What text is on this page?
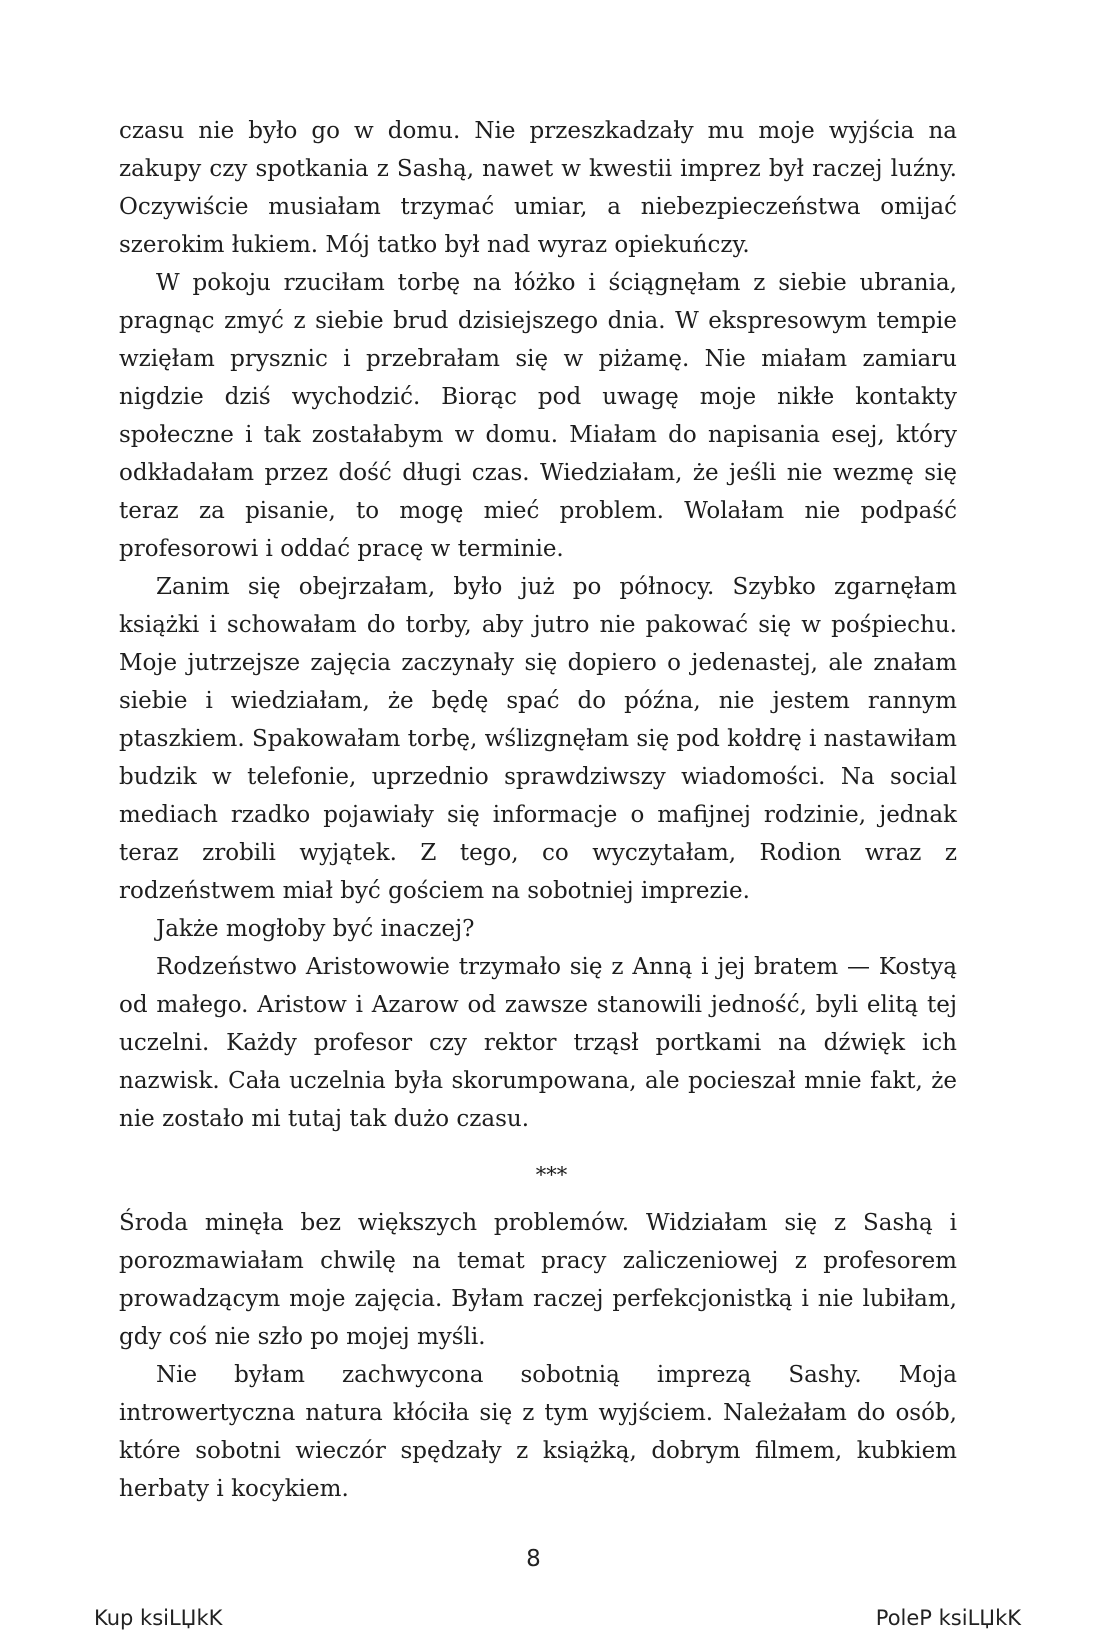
czasu nie było go w domu. Nie przeszkadzały mu moje wyjścia na zakupy czy spotkania z Sashą, nawet w kwestii imprez był raczej luźny. Oczywiście musiałam trzymać umiar, a niebezpieczeństwa omijać szerokim łukiem. Mój tatko był nad wyraz opiekuńczy.

W pokoju rzuciłam torbę na łóżko i ściągnęłam z siebie ubrania, pragnąc zmyć z siebie brud dzisiejszego dnia. W ekspresowym tempie wzięłam prysznic i przebrałam się w piżamę. Nie miałam zamiaru nigdzie dziś wychodzić. Biorąc pod uwagę moje nikłe kontakty społeczne i tak zostałabym w domu. Miałam do napisania esej, który odkładałam przez dość długi czas. Wiedziałam, że jeśli nie wezmę się teraz za pisanie, to mogę mieć problem. Wolałam nie podpaść profesorowi i oddać pracę w terminie.

Zanim się obejrzałam, było już po północy. Szybko zgarnęłam książki i schowałam do torby, aby jutro nie pakować się w pośpiechu. Moje jutrzejsze zajęcia zaczynały się dopiero o jedenastej, ale znałam siebie i wiedziałam, że będę spać do późna, nie jestem rannym ptaszkiem. Spakowałam torbę, wślizgnęłam się pod kołdrę i nastawiłam budzik w telefonie, uprzednio sprawdziwszy wiadomości. Na social mediach rzadko pojawiały się informacje o mafijnej rodzinie, jednak teraz zrobili wyjątek. Z tego, co wyczytałam, Rodion wraz z rodzeństwem miał być gościem na sobotniej imprezie.

Jakże mogłoby być inaczej?

Rodzeństwo Aristowowie trzymało się z Anną i jej bratem — Kostyą od małego. Aristow i Azarow od zawsze stanowili jedność, byli elitą tej uczelni. Każdy profesor czy rektor trząsł portkami na dźwięk ich nazwisk. Cała uczelnia była skorumpowana, ale pocieszał mnie fakt, że nie zostało mi tutaj tak dużo czasu.

***

Środa minęła bez większych problemów. Widziałam się z Sashą i porozmawiałam chwilę na temat pracy zaliczeniowej z profesorem prowadzącym moje zajęcia. Byłam raczej perfekcjonistką i nie lubiłam, gdy coś nie szło po mojej myśli.

Nie byłam zachwycona sobotnią imprezą Sashy. Moja introwertyczna natura kłóciła się z tym wyjściem. Należałam do osób, które sobotni wieczór spędzały z książką, dobrym filmem, kubkiem herbaty i kocykiem.

8
Kup ksiLЏkK	PoleP ksiLЏkK
